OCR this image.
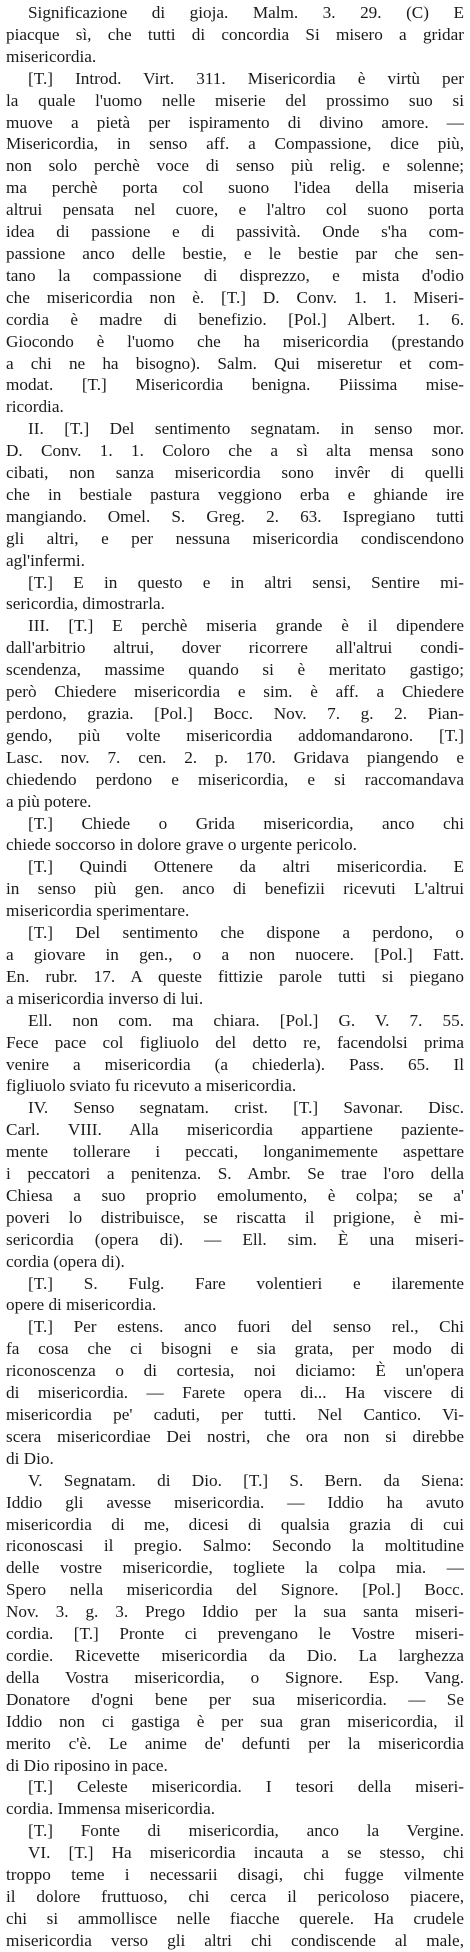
Significazione di gioja. Malm. 3. 29. (C) E
piacque sì, che tutti di concordia Si misero a gridar
misericordia.
[T.] Introd. Virt. 311. Misericordia è virtù per
la quale l'uomo nelle miserie del prossimo suo si
muove a pietà per ispiramento di divino amore. —
Misericordia, in senso aff. a Compassione, dice più,
non solo perchè voce di senso più relig. e solenne;
ma perchè porta col suono l'idea della miseria
altrui pensata nel cuore, e l'altro col suono porta
idea di passione e di passività. Onde s'ha com-
passione anco delle bestie, e le bestie par che sen-
tano la compassione di disprezzo, e mista d'odio
che misericordia non è. [T.] D. Conv. 1. 1. Miseri-
cordia è madre di benefizio. [Pol.] Albert. 1. 6.
Giocondo è l'uomo che ha misericordia (prestando
a chi ne ha bisogno). Salm. Qui miseretur et com-
modat. [T.] Misericordia benigna. Piissima mise-
ricordia.
II. [T.] Del sentimento segnatam. in senso mor.
D. Conv. 1. 1. Coloro che a sì alta mensa sono
cibati, non sanza misericordia sono invêr di quelli
che in bestiale pastura veggiono erba e ghiande ire
mangiando. Omel. S. Greg. 2. 63. Ispregiano tutti
gli altri, e per nessuna misericordia condiscendono
agl'infermi.
[T.] E in questo e in altri sensi, Sentire mi-
sericordia, dimostrarla.
III. [T.] E perchè miseria grande è il dipendere
dall'arbitrio altrui, dover ricorrere all'altrui condi-
scendenza, massime quando si è meritato gastigo;
però Chiedere misericordia e sim. è aff. a Chiedere
perdono, grazia. [Pol.] Bocc. Nov. 7. g. 2. Pian-
gendo, più volte misericordia addomandarono. [T.]
Lasc. nov. 7. cen. 2. p. 170. Gridava piangendo e
chiedendo perdono e misericordia, e si raccomandava
a più potere.
[T.] Chiede o Grida misericordia, anco chi
chiede soccorso in dolore grave o urgente pericolo.
[T.] Quindi Ottenere da altri misericordia. E
in senso più gen. anco di benefizii ricevuti L'altrui
misericordia sperimentare.
[T.] Del sentimento che dispone a perdono, o
a giovare in gen., o a non nuocere. [Pol.] Fatt.
En. rubr. 17. A queste fittizie parole tutti si piegano
a misericordia inverso di lui.
Ell. non com. ma chiara. [Pol.] G. V. 7. 55.
Fece pace col figliuolo del detto re, facendolsi prima
venire a misericordia (a chiederla). Pass. 65. Il
figliuolo sviato fu ricevuto a misericordia.
IV. Senso segnatam. crist. [T.] Savonar. Disc.
Carl. VIII. Alla misericordia appartiene paziente-
mente tollerare i peccati, longanimemente aspettare
i peccatori a penitenza. S. Ambr. Se trae l'oro della
Chiesa a suo proprio emolumento, è colpa; se a'
poveri lo distribuisce, se riscatta il prigione, è mi-
sericordia (opera di). — Ell. sim. È una miseri-
cordia (opera di).
[T.] S. Fulg. Fare volentieri e ilaremente
opere di misericordia.
[T.] Per estens. anco fuori del senso rel., Chi
fa cosa che ci bisogni e sia grata, per modo di
riconoscenza o di cortesia, noi diciamo: È un'opera
di misericordia. — Farete opera di... Ha viscere di
misericordia pe' caduti, per tutti. Nel Cantico. Vi-
scera misericordiae Dei nostri, che ora non si direbbe
di Dio.
V. Segnatam. di Dio. [T.] S. Bern. da Siena:
Iddio gli avesse misericordia. — Iddio ha avuto
misericordia di me, dicesi di qualsia grazia di cui
riconoscasi il pregio. Salmo: Secondo la moltitudine
delle vostre misericordie, togliete la colpa mia. —
Spero nella misericordia del Signore. [Pol.] Bocc.
Nov. 3. g. 3. Prego Iddio per la sua santa miseri-
cordia. [T.] Pronte ci prevengano le Vostre miseri-
cordie. Ricevette misericordia da Dio. La larghezza
della Vostra misericordia, o Signore. Esp. Vang.
Donatore d'ogni bene per sua misericordia. — Se
Iddio non ci gastiga è per sua gran misericordia, il
merito c'è. Le anime de' defunti per la misericordia
di Dio riposino in pace.
[T.] Celeste misericordia. I tesori della miseri-
cordia. Immensa misericordia.
[T.] Fonte di misericordia, anco la Vergine.
VI. [T.] Ha misericordia incauta a se stesso, chi
troppo teme i necessarii disagi, chi fugge vilmente
il dolore fruttuoso, chi cerca il pericoloso piacere,
chi si ammollisce nelle fiacche querele. Ha crudele
misericordia verso gli altri chi condiscende al male,
